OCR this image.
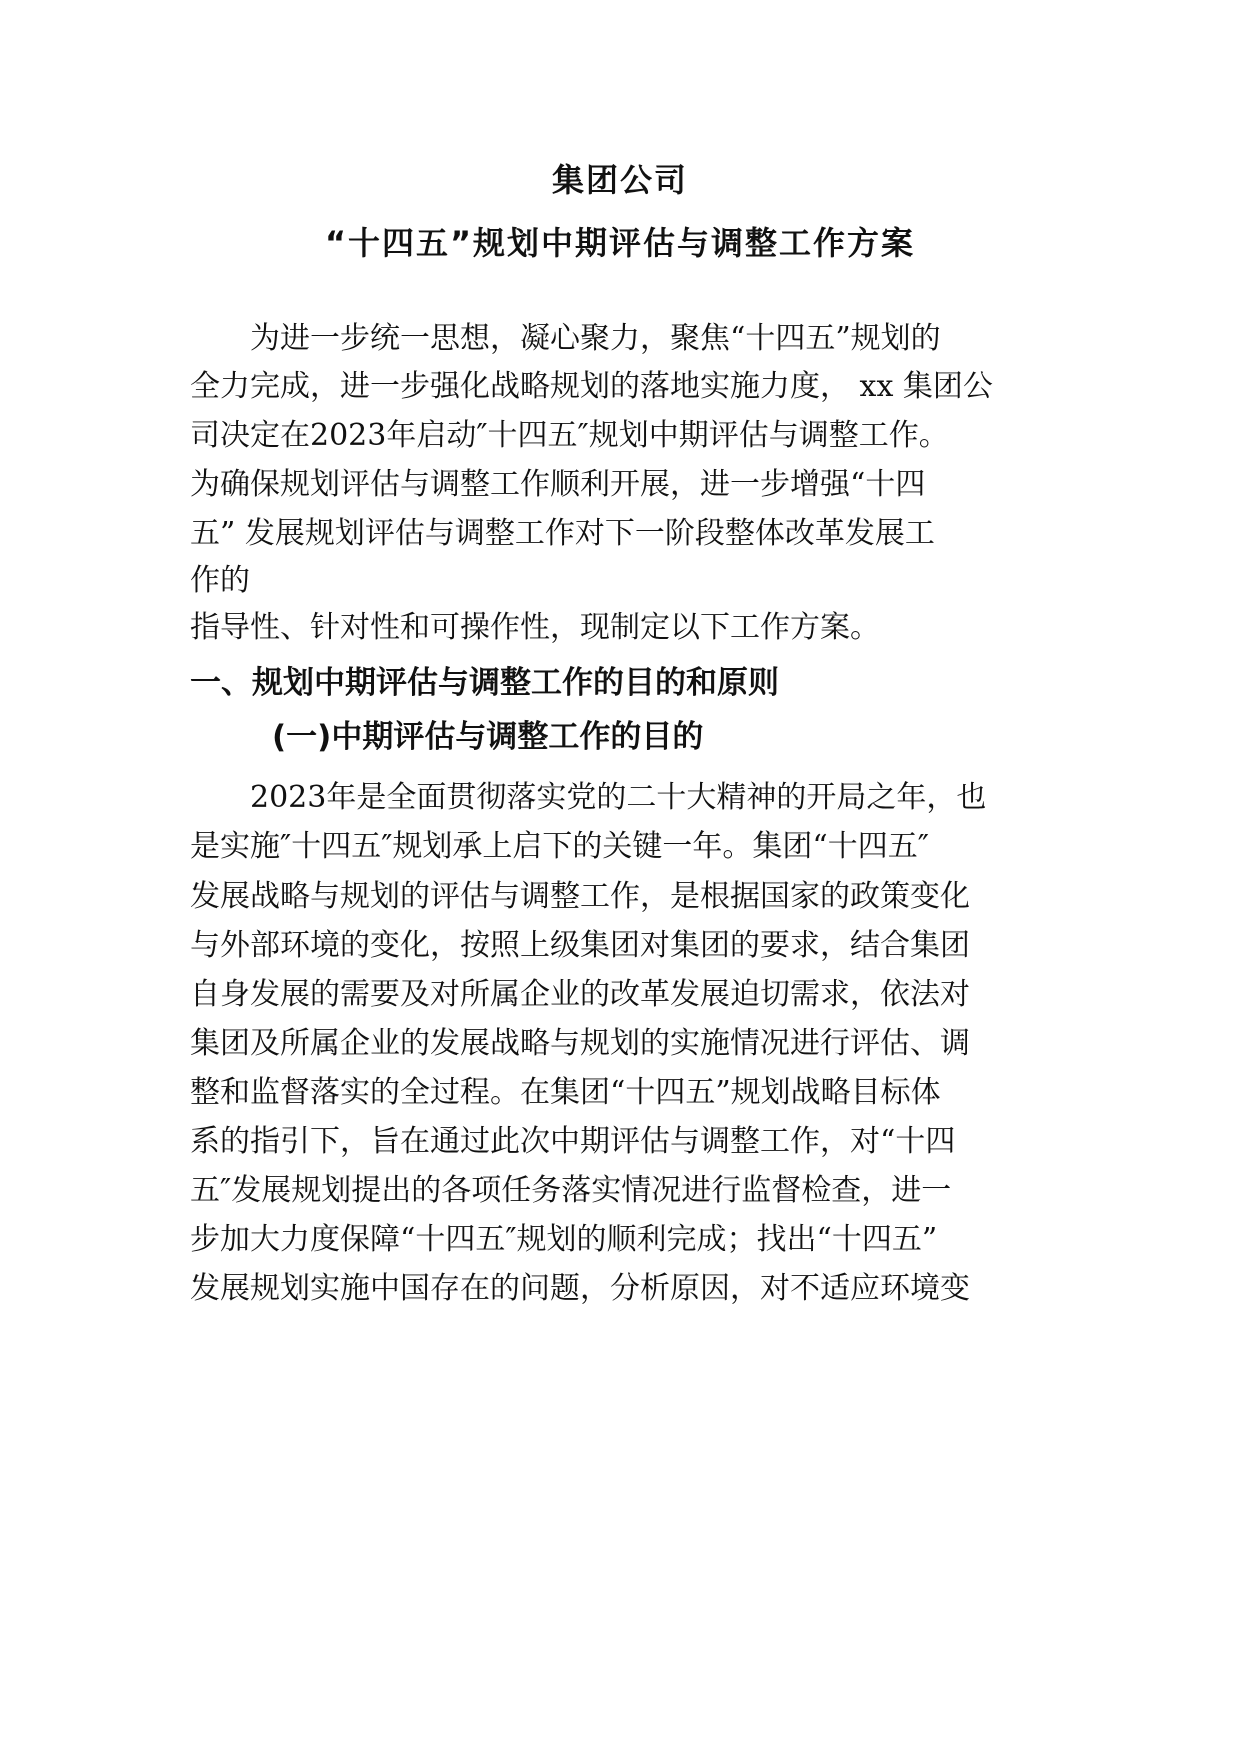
集团公司
“十四五”规划中期评估与调整工作方案
　　为进一步统一思想，凝心聚力，聚焦“十四五”规划的
全力完成，进一步强化战略规划的落地实施力度， xx 集团公
司决定在2023年启动″十四五″规划中期评估与调整工作。
为确保规划评估与调整工作顺利开展，进一步增强“十四
五” 发展规划评估与调整工作对下一阶段整体改革发展工
作的
指导性、针对性和可操作性，现制定以下工作方案。
一、规划中期评估与调整工作的目的和原则
(一)中期评估与调整工作的目的
　　2023年是全面贯彻落实党的二十大精神的开局之年，也
是实施″十四五″规划承上启下的关键一年。集团“十四五″
发展战略与规划的评估与调整工作，是根据国家的政策变化
与外部环境的变化，按照上级集团对集团的要求，结合集团
自身发展的需要及对所属企业的改革发展迫切需求，依法对
集团及所属企业的发展战略与规划的实施情况进行评估、调
整和监督落实的全过程。在集团“十四五”规划战略目标体
系的指引下，旨在通过此次中期评估与调整工作，对“十四
五″发展规划提出的各项任务落实情况进行监督检查，进一
步加大力度保障“十四五″规划的顺利完成；找出“十四五”
发展规划实施中国存在的问题，分析原因，对不适应环境变
